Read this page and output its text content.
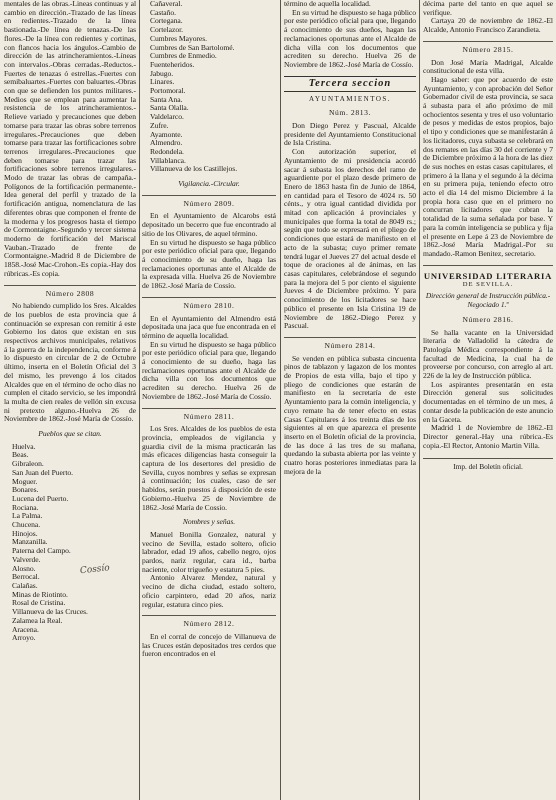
mentales de las obras.-Lineas continuas y al cambio en dirección.-Trazado de las líneas en redientes.-Trazado de la línea bastionada.-De línea de tenazas.-De las flores.-De la línea con redientes y cortinas, con flancos hacia los ángulos.-Cambio de dirección de las atrincheramientos.-Líneas con intervalos.-Obras cerradas.-Reductos.-Fuertes de tenazas ó estrellas.-Fuertes con semibaluartes.-Fuertes con baluartes.-Obras con que se defienden los puntos militares.-Medios que se emplean para aumentar la resistencia de los atrincheramientos.-Relieve variado y precauciones que deben tomarse para trazar las obras sobre terrenos irregulares.-Precauciones que deben tomarse para trazar las fortificaciones sobre terrenos irregulares.-Precauciones que deben tomarse para trazar las fortificaciones sobre terrenos irregulares.-Modo de trazar las obras de campaña.-Polígonos de la fortificación permanente.-Idea general del perfil y trazado de la fortificación antigua, nomenclatura de las diferentes obras que componen el frente de la moderna y los progresos hasta el tiempo de Cormontaigne.-Segundo y tercer sistema moderno de fortificación del Mariscal Vauban.-Trazado de frente de Cormontaigne.-Madrid 8 de Diciembre de 1858.-José Mac-Crohon.-Es copia.-Hay dos rúbricas.-Es copia.

Número 2808

No habiendo cumplido los Sres. Alcaldes de los pueblos de esta provincia que á continuación se expresan con remitir á este Gobierno los datos que existan en sus respectivos archivos municipales, relativos á la guerra de la independencia, conforme á lo dispuesto en circular de 2 de Octubre último, inserta en el Boletín Oficial del 3 del mismo, les prevengo á los citados Alcaldes que en el término de ocho días no cumplen el citado servicio, se les impondrá la multa de cien reales de vellón sin excusa ni pretexto alguno.-Huelva 26 de Noviembre de 1862.-José María de Cossío.

Pueblos que se citan.
Huelva.
Beas.
Gibraleon.
San Juan del Puerto.
Moguer.
Bonares.
Lucena del Puerto.
Rociana.
La Palma.
Chucena.
Hinojos.
Manzanilla.
Paterna del Campo.
Valverde.
Alosno.
Berrocal.
Calañas.
Minas de Riotinto.
Rosal de Cristina.
Villanueva de las Cruces.
Zalamea la Real.
Aracena.
Arroyo.
Cossío
Cañaveral.
Castaño.
Cortegana.
Cortelazor.
Cumbres Mayores.
Cumbres de San Bartolomé.
Cumbres de Enmedio.
Fuenteheridos.
Jabugo.
Linares.
Portomoral.
Santa Ana.
Santa Olalla.
Valdelarco.
Zufre.
Ayamonte.
Almendro.
Redondela.
Villablanca.
Villanueva de los Castillejos.
Vigilancia.-Circular.
Número 2809.

En el Ayuntamiento de Alcarobs está depositado un becerro que fue encontrado al sitio de los Olivares, de aquel término.

En su virtud he dispuesto se haga público por este periódico oficial para que, llegando á conocimiento de su dueño, haga las reclamaciones oportunas ante el Alcalde de la expresada villa. Huelva 26 de Noviembre de 1862.-José María de Cossío.

Número 2810.

En el Ayuntamiento del Almendro está depositada una jaca que fue encontrada en el término de aquella localidad.

En su virtud he dispuesto se haga público por este periódico oficial para que, llegando á conocimiento de su dueño, haga las reclamaciones oportunas ante el Alcalde de dicha villa con los documentos que acrediten su derecho. Huelva 26 de Noviembre de 1862.-José María de Cossío.

Número 2811.

Los Sres. Alcaldes de los pueblos de esta provincia, empleados de vigilancia y guardia civil de la misma practicarán las más eficaces diligencias hasta conseguir la captura de los desertores del presidio de Sevilla, cuyos nombres y señas se expresan á continuación; los cuales, caso de ser habidos, serán puestos á disposición de este Gobierno.-Huelva 25 de Noviembre de 1862.-José María de Cossío.

Nombres y señas.

Manuel Bonilla Gonzalez, natural y vecino de Sevilla, estado soltero, oficio labrador, edad 19 años, cabello negro, ojos pardos, nariz regular, cara id., barba naciente, color trigueño y estatura 5 pies.

Antonio Alvarez Mendez, natural y vecino de dicha ciudad, estado soltero, oficio carpintero, edad 20 años, nariz regular, estatura cinco pies.

Número 2812.

En el corral de concejo de Villanueva de las Cruces están depositados tres cerdos que fueron encontrados en el

término de aquella localidad.

En su virtud he dispuesto se haga público por este periódico oficial para que, llegando á conocimiento de sus dueños, hagan las reclamaciones oportunas ante el Alcalde de dicha villa con los documentos que acrediten su derecho. Huelva 26 de Noviembre de 1862.-José María de Cossío.

Tercera seccion
AYUNTAMIENTOS.
Núm. 2813.

Don Diego Perez y Pascual, Alcalde presidente del Ayuntamiento Constitucional de Isla Cristina.

Con autorización superior, el Ayuntamiento de mi presidencia acordó sacar á subasta los derechos del ramo de aguardiente por el plazo desde primero de Enero de 1863 hasta fin de Junio de 1864, en cantidad para el Tesoro de 4024 rs. 50 cénts., y otra igual cantidad dividida por mitad con aplicación á provinciales y municipales que forma la total de 8049 rs.; según que todo se expresará en el pliego de condiciones que estará de manifiesto en el acto de la subasta; cuyo primer remate tendrá lugar el Jueves 27 del actual desde el toque de oraciones al de ánimas, en las casas capitulares, celebrándose el segundo para la mejora del 5 por ciento el siguiente Jueves 4 de Diciembre próximo. Y para conocimiento de los licitadores se hace público el presente en Isla Cristina 19 de Noviembre de 1862.-Diego Perez y Pascual.

Número 2814.

Se venden en pública subasta cincuenta pinos de tablazon y lagazon de los montes de Propios de esta villa, bajo el tipo y pliego de condiciones que estarán de manifiesto en la secretaría de este Ayuntamiento para la común inteligencia, y cuyo remate ha de tener efecto en estas Casas Capitulares á los treinta días de los siguientes al en que aparezca el presente inserto en el Boletín oficial de la provincia, de las doce á las tres de su mañana, quedando la subasta abierta por las veinte y cuatro horas posteriores inmediatas para la mejora de la

décima parte del tanto en que aquel se verifique.

Cartaya 20 de noviembre de 1862.-El Alcalde, Antonio Francisco Zarandieta.

Número 2815.

Don José María Madrigal, Alcalde constitucional de esta villa.

Hago saber: que por acuerdo de este Ayuntamiento, y con aprobación del Señor Gobernador civil de esta provincia, se saca á subasta para el año próximo de mil ochocientos sesenta y tres el uso voluntario de pesos y medidas de estos propios, bajo el tipo y condiciones que se manifestarán á los licitadores, cuya subasta se celebrará en dos remates en las días 30 del corriente y 7 de Diciembre próximo á la hora de las diez de sus noches en estas casas capitulares, el primero á la llana y el segundo á la décima en su primera puja, teniendo efecto otro acto el día 14 del mismo Diciembre á la propia hora caso que en el primero no concurran licitadores que cubran la totalidad de la suma señalada por base. Y para la común inteligencia se publica y fija el presente en Lepe á 23 de Noviembre de 1862.-José María Madrigal.-Por su mandado.-Ramon Benitez, secretario.

UNIVERSIDAD LITERARIA
DE SEVILLA.
Dirección general de Instrucción pública.-Negociado 1.º
Número 2816.

Se halla vacante en la Universidad literaria de Valladolid la cátedra de Patología Médica correspondiente á la facultad de Medicina, la cual ha de proveerse por concurso, con arreglo al art. 226 de la ley de Instrucción pública.

Los aspirantes presentarán en esta Dirección general sus solicitudes documentadas en el término de un mes, á contar desde la publicación de este anuncio en la Gaceta.

Madrid 1 de Noviembre de 1862.-El Director general.-Hay una rúbrica.-Es copia.-El Rector, Antonio Martin Villa.

Imp. del Boletín oficial.
